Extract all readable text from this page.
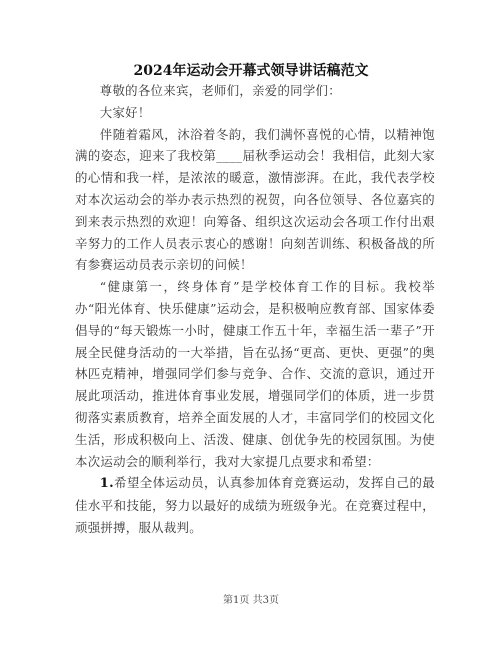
2024年运动会开幕式领导讲话稿范文

尊敬的各位来宾，老师们，亲爱的同学们：

大家好！

伴随着霜风，沐浴着冬韵，我们满怀喜悦的心情，以精神饱满的姿态，迎来了我校第____届秋季运动会！我相信，此刻大家的心情和我一样，是浓浓的暖意，激情澎湃。在此，我代表学校对本次运动会的举办表示热烈的祝贺，向各位领导、各位嘉宾的到来表示热烈的欢迎！向筹备、组织这次运动会各项工作付出艰辛努力的工作人员表示衷心的感谢！向刻苦训练、积极备战的所有参赛运动员表示亲切的问候！

“健康第一，终身体育”是学校体育工作的目标。我校举办“阳光体育、快乐健康”运动会，是积极响应教育部、国家体委倡导的“每天锻炼一小时，健康工作五十年，幸福生活一辈子”开展全民健身活动的一大举措，旨在弘扬“更高、更快、更强”的奥林匹克精神，增强同学们参与竞争、合作、交流的意识，通过开展此项活动，推进体育事业发展，增强同学们的体质，进一步贯彻落实素质教育，培养全面发展的人才，丰富同学们的校园文化生活，形成积极向上、活泼、健康、创优争先的校园氛围。为使本次运动会的顺利举行，我对大家提几点要求和希望：

1.希望全体运动员，认真参加体育竞赛运动，发挥自己的最佳水平和技能，努力以最好的成绩为班级争光。在竞赛过程中，顽强拼搏，服从裁判。

第1页 共3页
